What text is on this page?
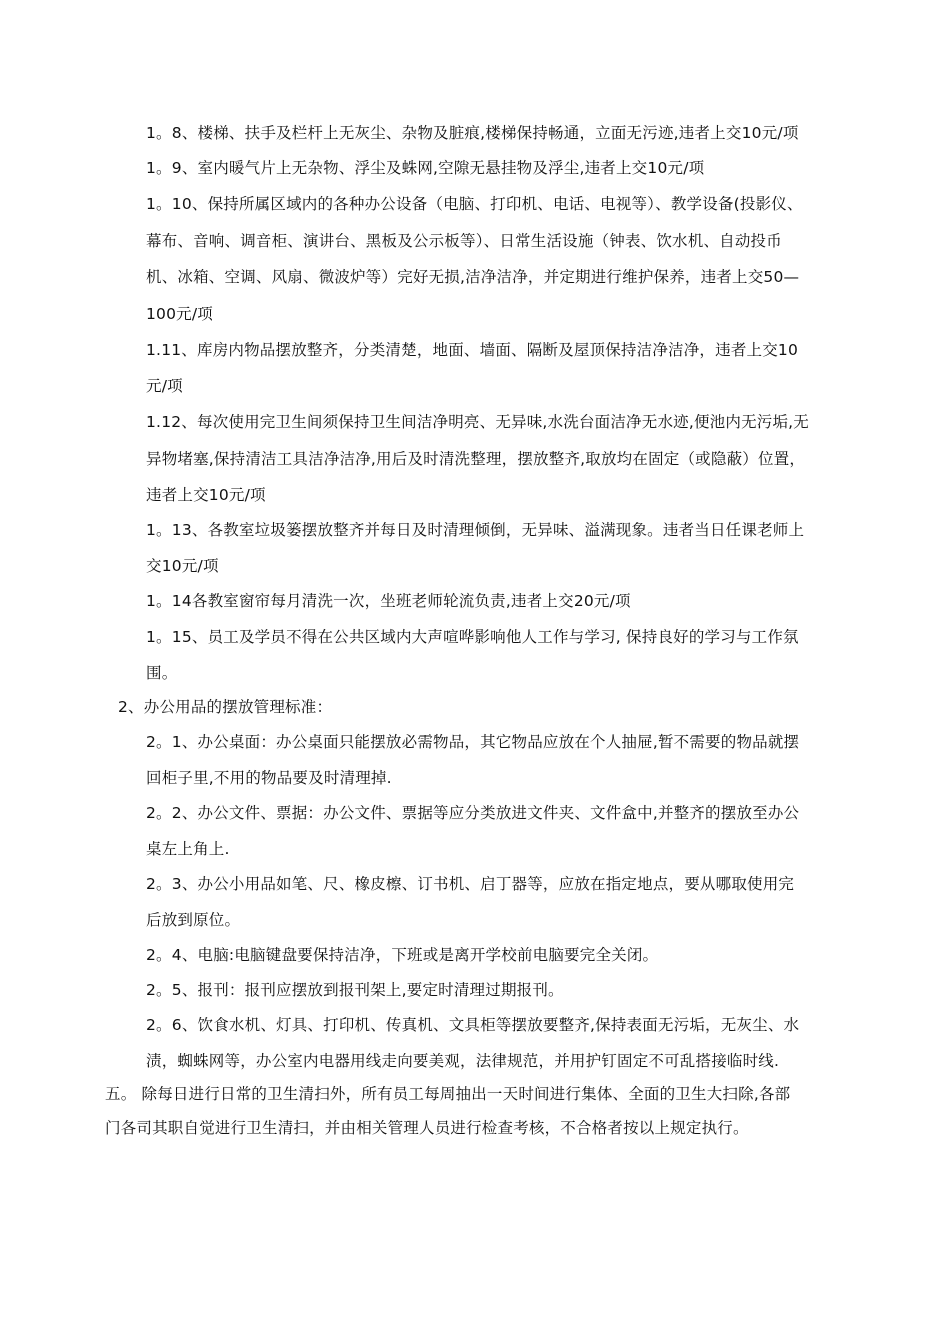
1。8、楼梯、扶手及栏杆上无灰尘、杂物及脏痕,楼梯保持畅通，立面无污迹,违者上交10元/项
1。9、室内暖气片上无杂物、浮尘及蛛网,空隙无悬挂物及浮尘,违者上交10元/项
1。10、保持所属区域内的各种办公设备（电脑、打印机、电话、电视等）、教学设备(投影仪、
幕布、音响、调音柜、演讲台、黑板及公示板等）、日常生活设施（钟表、饮水机、自动投币
机、冰箱、空调、风扇、微波炉等）完好无损,洁净洁净，并定期进行维护保养，违者上交50—
100元/项
1.11、库房内物品摆放整齐，分类清楚，地面、墙面、隔断及屋顶保持洁净洁净，违者上交10
元/项
1.12、每次使用完卫生间须保持卫生间洁净明亮、无异味,水洗台面洁净无水迹,便池内无污垢,无
异物堵塞,保持清洁工具洁净洁净,用后及时清洗整理，摆放整齐,取放均在固定（或隐蔽）位置，
违者上交10元/项
1。13、各教室垃圾篓摆放整齐并每日及时清理倾倒，无异味、溢满现象。违者当日任课老师上
交10元/项
1。14各教室窗帘每月清洗一次，坐班老师轮流负责,违者上交20元/项
1。15、员工及学员不得在公共区域内大声喧哗影响他人工作与学习, 保持良好的学习与工作氛
围。
2、办公用品的摆放管理标准：
2。1、办公桌面：办公桌面只能摆放必需物品，其它物品应放在个人抽屉,暂不需要的物品就摆
回柜子里,不用的物品要及时清理掉.
2。2、办公文件、票据：办公文件、票据等应分类放进文件夹、文件盒中,并整齐的摆放至办公
桌左上角上.
2。3、办公小用品如笔、尺、橡皮檫、订书机、启丁器等，应放在指定地点，要从哪取使用完
后放到原位。
2。4、电脑:电脑键盘要保持洁净，下班或是离开学校前电脑要完全关闭。
2。5、报刊：报刊应摆放到报刊架上,要定时清理过期报刊。
2。6、饮食水机、灯具、打印机、传真机、文具柜等摆放要整齐,保持表面无污垢，无灰尘、水
渍，蜘蛛网等，办公室内电器用线走向要美观，法律规范，并用护钉固定不可乱搭接临时线.
五。 除每日进行日常的卫生清扫外，所有员工每周抽出一天时间进行集体、全面的卫生大扫除,各部
门各司其职自觉进行卫生清扫，并由相关管理人员进行检查考核，不合格者按以上规定执行。
